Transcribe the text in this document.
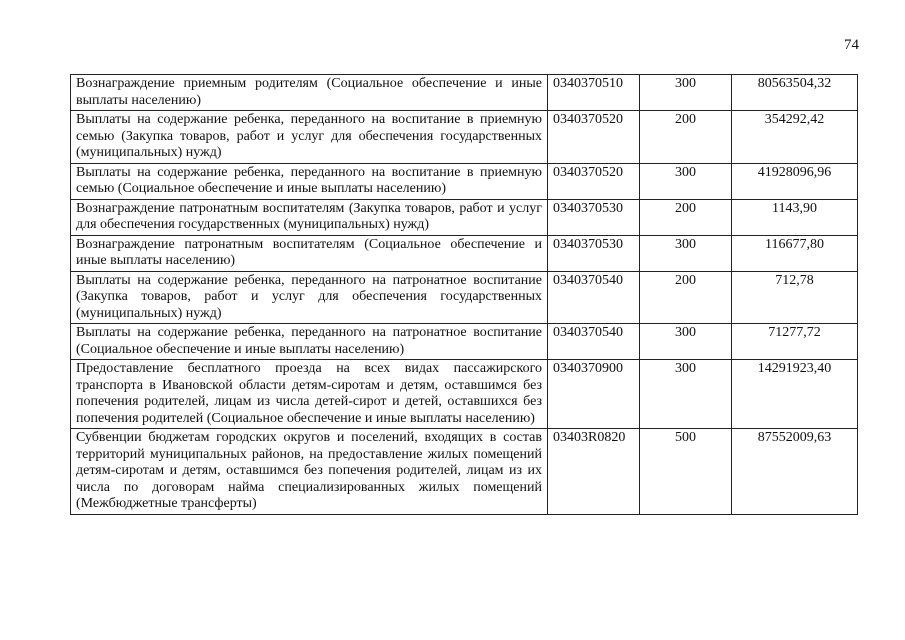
74
Вознаграждение приемным родителям (Социальное обеспечение и иные выплаты населению)	0340370510	300	80563504,32
Выплаты на содержание ребенка, переданного на воспитание в приемную семью (Закупка товаров, работ и услуг для обеспечения государственных (муниципальных) нужд)	0340370520	200	354292,42
Выплаты на содержание ребенка, переданного на воспитание в приемную семью (Социальное обеспечение и иные выплаты населению)	0340370520	300	41928096,96
Вознаграждение патронатным воспитателям (Закупка товаров, работ и услуг для обеспечения государственных (муниципальных) нужд)	0340370530	200	1143,90
Вознаграждение патронатным воспитателям (Социальное обеспечение и иные выплаты населению)	0340370530	300	116677,80
Выплаты на содержание ребенка, переданного на патронатное воспитание (Закупка товаров, работ и услуг для обеспечения государственных (муниципальных) нужд)	0340370540	200	712,78
Выплаты на содержание ребенка, переданного на патронатное воспитание (Социальное обеспечение и иные выплаты населению)	0340370540	300	71277,72
Предоставление бесплатного проезда на всех видах пассажирского транспорта в Ивановской области детям-сиротам и детям, оставшимся без попечения родителей, лицам из числа детей-сирот и детей, оставшихся без попечения родителей (Социальное обеспечение и иные выплаты населению)	0340370900	300	14291923,40
Субвенции бюджетам городских округов и поселений, входящих в состав территорий муниципальных районов, на предоставление жилых помещений детям-сиротам и детям, оставшимся без попечения родителей, лицам из их числа по договорам найма специализированных жилых помещений (Межбюджетные трансферты)	03403R0820	500	87552009,63
